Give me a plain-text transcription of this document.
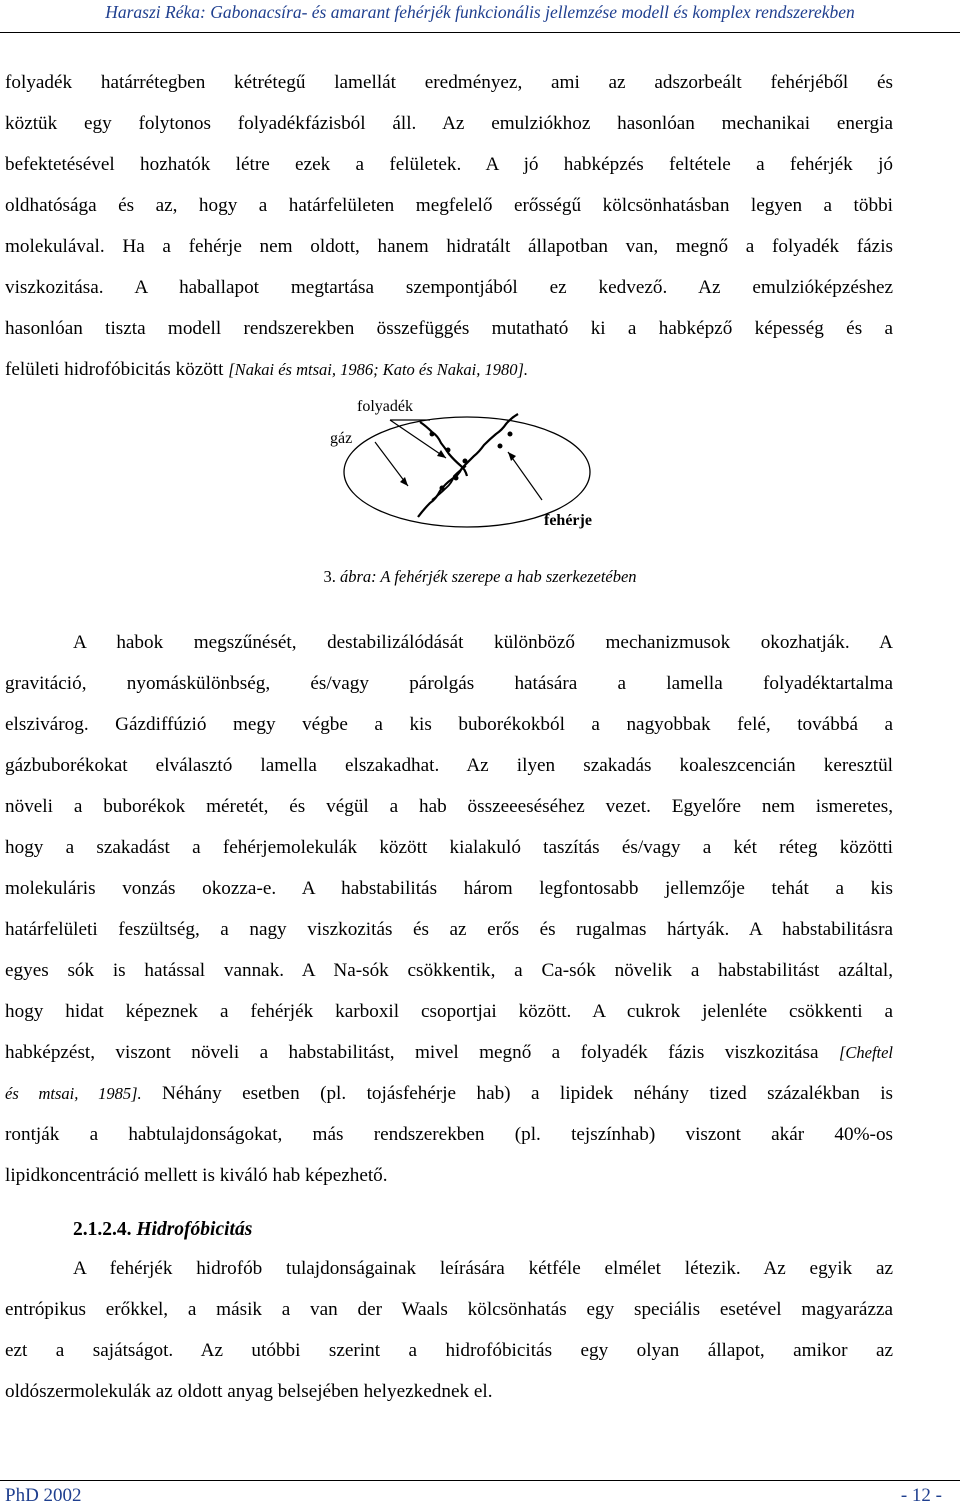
Haraszi Réka: Gabonacsíra- és amarant fehérjék funkcionális jellemzése modell és komplex rendszerekben
folyadék határrétegben kétrétegű lamellát eredményez, ami az adszorbeált fehérjéből és
köztük egy folytonos folyadékfázisból áll. Az emulziókhoz hasonlóan mechanikai energia
befektetésével hozhatók létre ezek a felületek. A jó habképzés feltétele a fehérjék jó
oldhatósága és az, hogy a határfelületen megfelelő erősségű kölcsönhatásban legyen a többi
molekulával. Ha a fehérje nem oldott, hanem hidratált állapotban van, megnő a folyadék fázis
viszkozitása. A haballapot megtartása szempontjából ez kedvező. Az emulzióképzéshez
hasonlóan tiszta modell rendszerekben összefüggés mutatható ki a habképző képesség és a
felületi hidrofóbicitás között [Nakai és mtsai, 1986; Kato és Nakai, 1980].
folyadék
gáz
fehérje
3. ábra: A fehérjék szerepe a hab szerkezetében
A habok megszűnését, destabilizálódását különböző mechanizmusok okozhatják. A
gravitáció, nyomáskülönbség, és/vagy párolgás hatására a lamella folyadéktartalma
elszivárog. Gázdiffúzió megy végbe a kis buborékokból a nagyobbak felé, továbbá a
gázbuborékokat elválasztó lamella elszakadhat. Az ilyen szakadás koaleszcencián keresztül
növeli a buborékok méretét, és végül a hab összeeeséséhez vezet. Egyelőre nem ismeretes,
hogy a szakadást a fehérjemolekulák között kialakuló taszítás és/vagy a két réteg közötti
molekuláris vonzás okozza-e. A habstabilitás három legfontosabb jellemzője tehát a kis
határfelületi feszültség, a nagy viszkozitás és az erős és rugalmas hártyák. A habstabilitásra
egyes sók is hatással vannak. A Na-sók csökkentik, a Ca-sók növelik a habstabilitást azáltal,
hogy hidat képeznek a fehérjék karboxil csoportjai között. A cukrok jelenléte csökkenti a
habképzést, viszont növeli a habstabilitást, mivel megnő a folyadék fázis viszkozitása [Cheftel
és mtsai, 1985]. Néhány esetben (pl. tojásfehérje hab) a lipidek néhány tized százalékban is
rontják a habtulajdonságokat, más rendszerekben (pl. tejszínhab) viszont akár 40%-os
lipidkoncentráció mellett is kiváló hab képezhető.
2.1.2.4. Hidrofóbicitás
A fehérjék hidrofób tulajdonságainak leírására kétféle elmélet létezik. Az egyik az
entrópikus erőkkel, a másik a van der Waals kölcsönhatás egy speciális esetével magyarázza
ezt a sajátságot. Az utóbbi szerint a hidrofóbicitás egy olyan állapot, amikor az
oldószermolekulák az oldott anyag belsejében helyezkednek el.
PhD 2002	- 12 -
